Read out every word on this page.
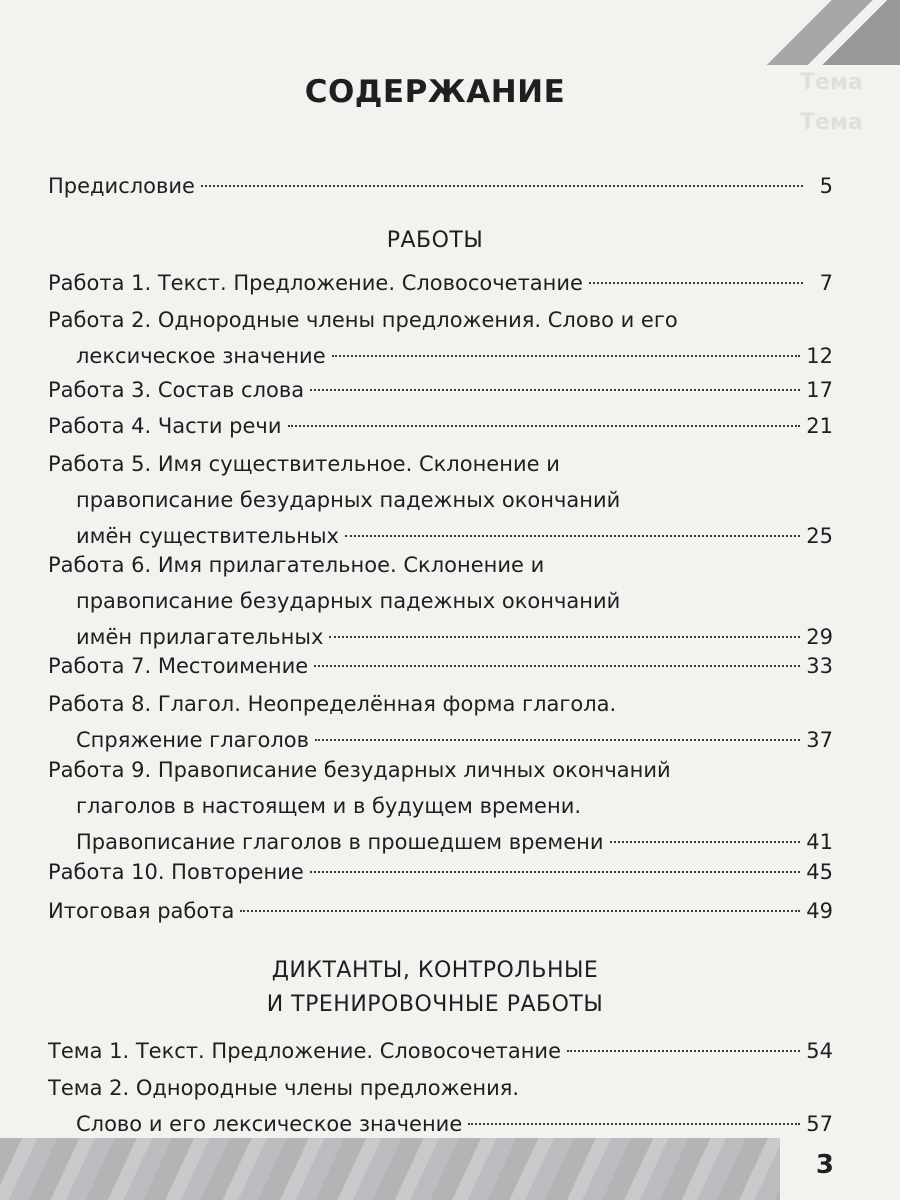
Тема
Тема
СОДЕРЖАНИЕ
Предисловие	5
РАБОТЫ
Работа 1. Текст. Предложение. Словосочетание	7
Работа 2. Однородные члены предложения. Слово и его
лексическое значение	12
Работа 3. Состав слова	17
Работа 4. Части речи	21
Работа 5. Имя существительное. Склонение и
правописание безударных падежных окончаний
имён существительных	25
Работа 6. Имя прилагательное. Склонение и
правописание безударных падежных окончаний
имён прилагательных	29
Работа 7. Местоимение	33
Работа 8. Глагол. Неопределённая форма глагола.
Спряжение глаголов	37
Работа 9. Правописание безударных личных окончаний
глаголов в настоящем и в будущем времени.
Правописание глаголов в прошедшем времени	41
Работа 10. Повторение	45
Итоговая работа	49
ДИКТАНТЫ, КОНТРОЛЬНЫЕ
И ТРЕНИРОВОЧНЫЕ РАБОТЫ
Тема 1. Текст. Предложение. Словосочетание	54
Тема 2. Однородные члены предложения.
Слово и его лексическое значение	57
3
